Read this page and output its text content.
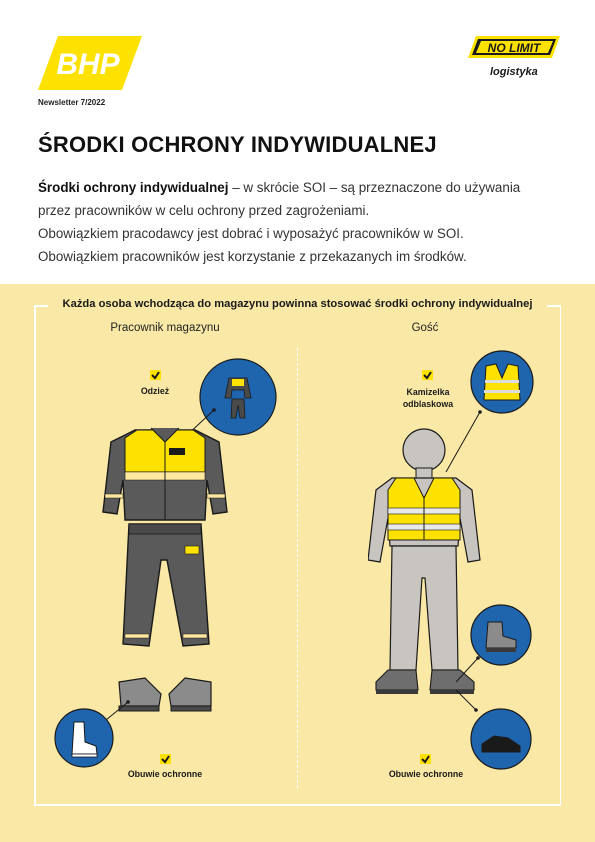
BHP
Newsletter 7/2022
NO LIMIT
logistyka
ŚRODKI OCHRONY INDYWIDUALNEJ
Środki ochrony indywidualnej – w skrócie SOI – są przeznaczone do używania
przez pracowników w celu ochrony przed zagrożeniami.
Obowiązkiem pracodawcy jest dobrać i wyposażyć pracowników w SOI.
Obowiązkiem pracowników jest korzystanie z przekazanych im środków.
Każda osoba wchodząca do magazynu powinna stosować środki ochrony indywidualnej
Pracownik magazynu	Gość
Odzież
Obuwie ochronne
Kamizelka
odblaskowa
Obuwie ochronne
